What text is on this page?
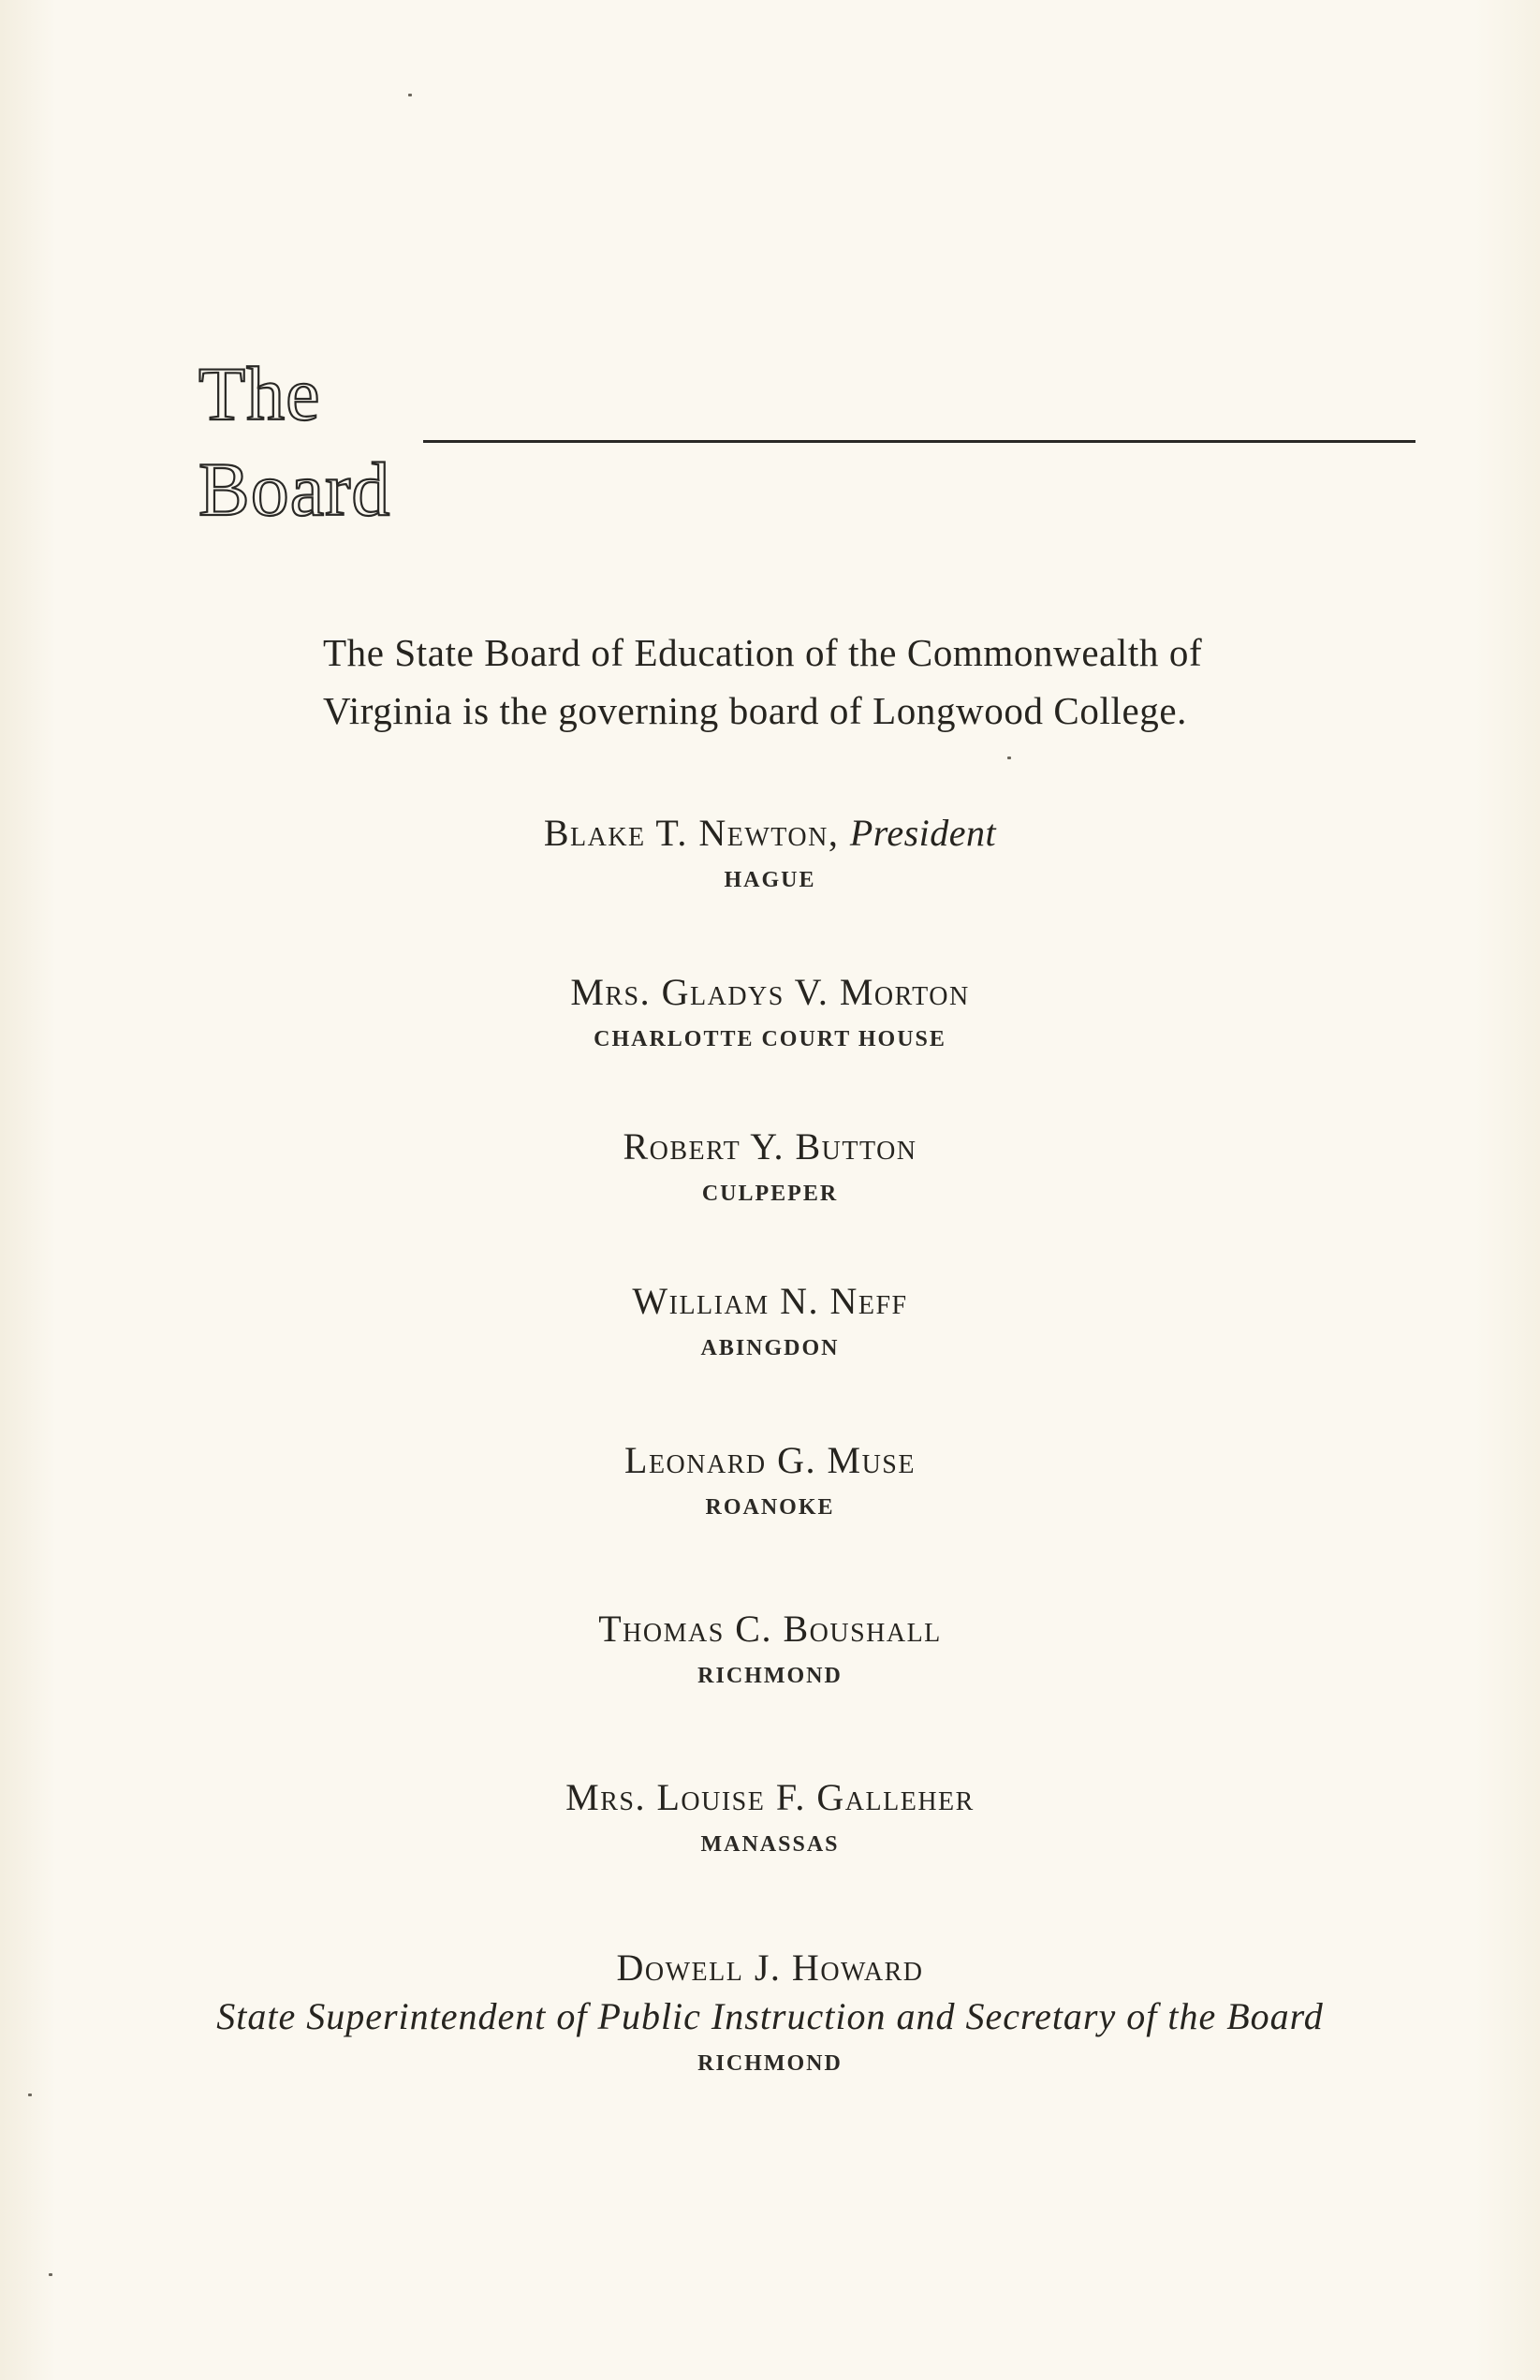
The
Board
The State Board of Education of the Commonwealth of
Virginia is the governing board of Longwood College.
Blake T. Newton, President
HAGUE
Mrs. Gladys V. Morton
CHARLOTTE COURT HOUSE
Robert Y. Button
CULPEPER
William N. Neff
ABINGDON
Leonard G. Muse
ROANOKE
Thomas C. Boushall
RICHMOND
Mrs. Louise F. Galleher
MANASSAS
Dowell J. Howard
State Superintendent of Public Instruction and Secretary of the Board
RICHMOND
